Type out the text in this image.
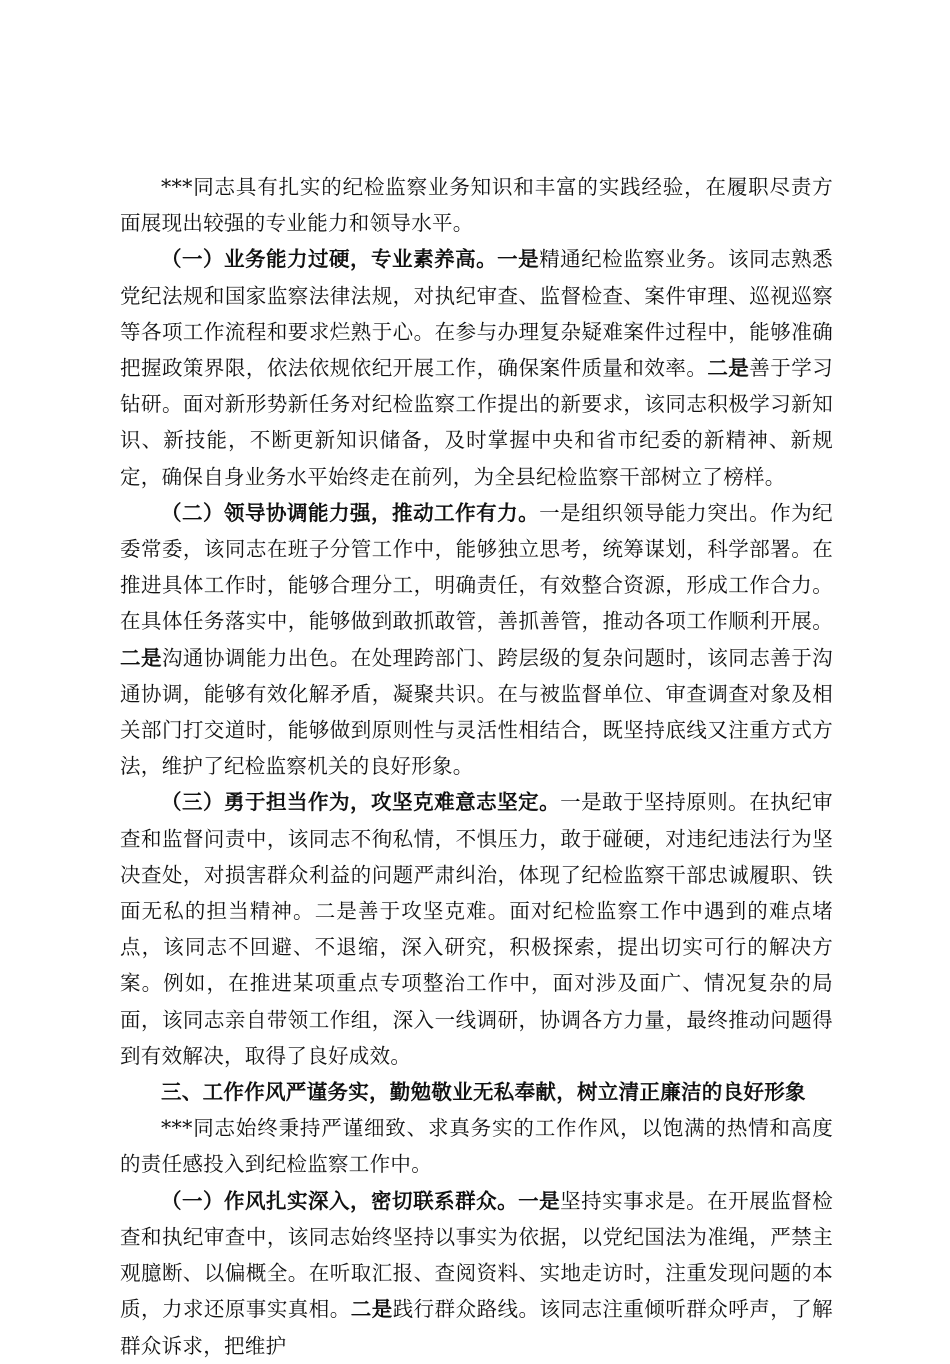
***同志具有扎实的纪检监察业务知识和丰富的实践经验，在履职尽责方面展现出较强的专业能力和领导水平。

（一）业务能力过硬，专业素养高。一是精通纪检监察业务。该同志熟悉党纪法规和国家监察法律法规，对执纪审查、监督检查、案件审理、巡视巡察等各项工作流程和要求烂熟于心。在参与办理复杂疑难案件过程中，能够准确把握政策界限，依法依规依纪开展工作，确保案件质量和效率。二是善于学习钻研。面对新形势新任务对纪检监察工作提出的新要求，该同志积极学习新知识、新技能，不断更新知识储备，及时掌握中央和省市纪委的新精神、新规定，确保自身业务水平始终走在前列，为全县纪检监察干部树立了榜样。

（二）领导协调能力强，推动工作有力。一是组织领导能力突出。作为纪委常委，该同志在班子分管工作中，能够独立思考，统筹谋划，科学部署。在推进具体工作时，能够合理分工，明确责任，有效整合资源，形成工作合力。在具体任务落实中，能够做到敢抓敢管，善抓善管，推动各项工作顺利开展。二是沟通协调能力出色。在处理跨部门、跨层级的复杂问题时，该同志善于沟通协调，能够有效化解矛盾，凝聚共识。在与被监督单位、审查调查对象及相关部门打交道时，能够做到原则性与灵活性相结合，既坚持底线又注重方式方法，维护了纪检监察机关的良好形象。

（三）勇于担当作为，攻坚克难意志坚定。一是敢于坚持原则。在执纪审查和监督问责中，该同志不徇私情，不惧压力，敢于碰硬，对违纪违法行为坚决查处，对损害群众利益的问题严肃纠治，体现了纪检监察干部忠诚履职、铁面无私的担当精神。二是善于攻坚克难。面对纪检监察工作中遇到的难点堵点，该同志不回避、不退缩，深入研究，积极探索，提出切实可行的解决方案。例如，在推进某项重点专项整治工作中，面对涉及面广、情况复杂的局面，该同志亲自带领工作组，深入一线调研，协调各方力量，最终推动问题得到有效解决，取得了良好成效。

三、工作作风严谨务实，勤勉敬业无私奉献，树立清正廉洁的良好形象

***同志始终秉持严谨细致、求真务实的工作作风，以饱满的热情和高度的责任感投入到纪检监察工作中。

（一）作风扎实深入，密切联系群众。一是坚持实事求是。在开展监督检查和执纪审查中，该同志始终坚持以事实为依据，以党纪国法为准绳，严禁主观臆断、以偏概全。在听取汇报、查阅资料、实地走访时，注重发现问题的本质，力求还原事实真相。二是践行群众路线。该同志注重倾听群众呼声，了解群众诉求，把维护
